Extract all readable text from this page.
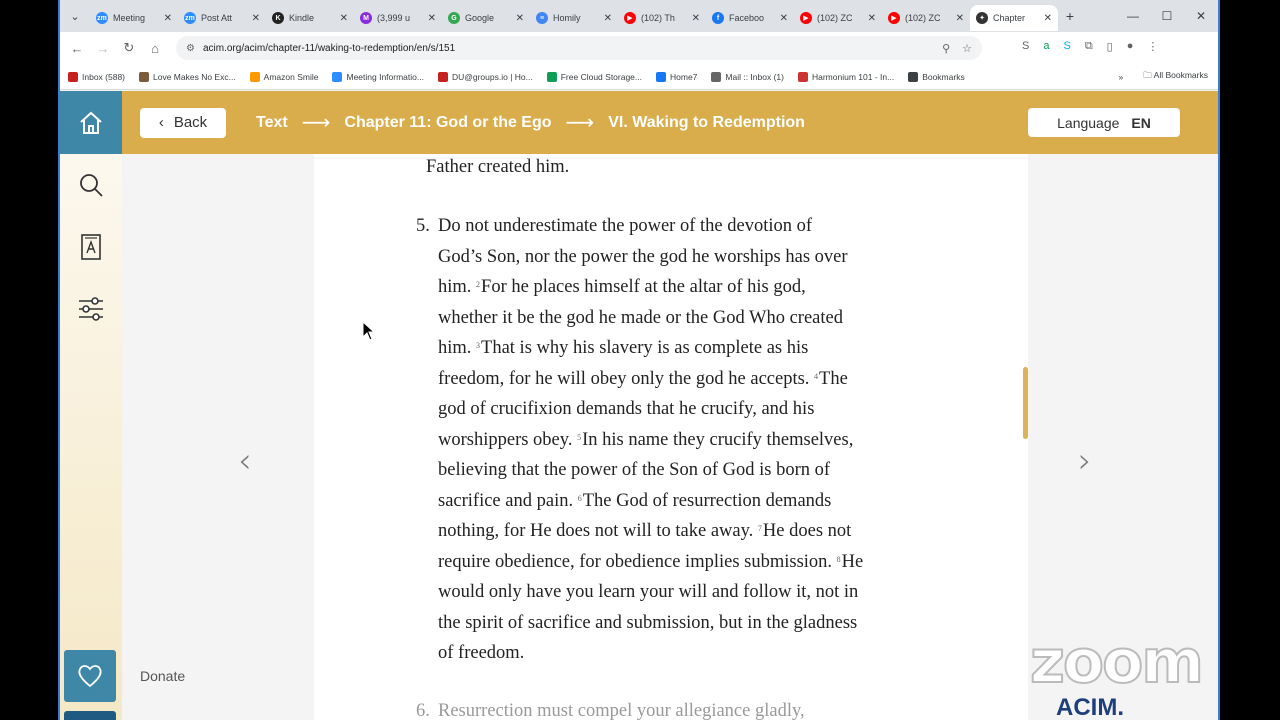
⌄	zm Meeting	✕ zm Post Att	✕	K Kindle	✕	M (3,999 u	✕	G Google	✕	≡ Homily	✕	▶ (102) Th	✕	f	Faceboo	✕	▶ (102) ZC	✕	▶ (102) ZC	✕	✦ Chapter	✕ +	—	☐	✕
←	→	↻	⌂	⚙ acim.org/acim/chapter-11/waking-to-redemption/en/s/151	⚲ ☆	S a S ⧉ ▯ ● ⋮
Inbox (588)	Love Makes No Exc...	Amazon Smile	Meeting Informatio...	DU@groups.io | Ho...	Free Cloud Storage...	Home7	Mail :: Inbox (1)	Harmonium 101 - In...	Bookmarks	» 🗀 All Bookmarks
Donate
‹ Back	Text ⟶ Chapter 11: God or the Ego ⟶ VI. Waking to Redemption	Language EN
‹	›
Father created him.
5. Do not underestimate the power of the devotion of
God’s Son, nor the power the god he worships has over
him. $^2$For he places himself at the altar of his god,
whether it be the god he made or the God Who created
him. $^3$That is why his slavery is as complete as his
freedom, for he will obey only the god he accepts. $^4$The
god of crucifixion demands that he crucify, and his
worshippers obey. $^5$In his name they crucify themselves,
believing that the power of the Son of God is born of
sacrifice and pain. $^6$The God of resurrection demands
nothing, for He does not will to take away. $^7$He does not
require obedience, for obedience implies submission. $^8$He
would only have you learn your will and follow it, not in
the spirit of sacrifice and submission, but in the gladness
of freedom.
6. Resurrection must compel your allegiance gladly,
zoom
ACIM.
